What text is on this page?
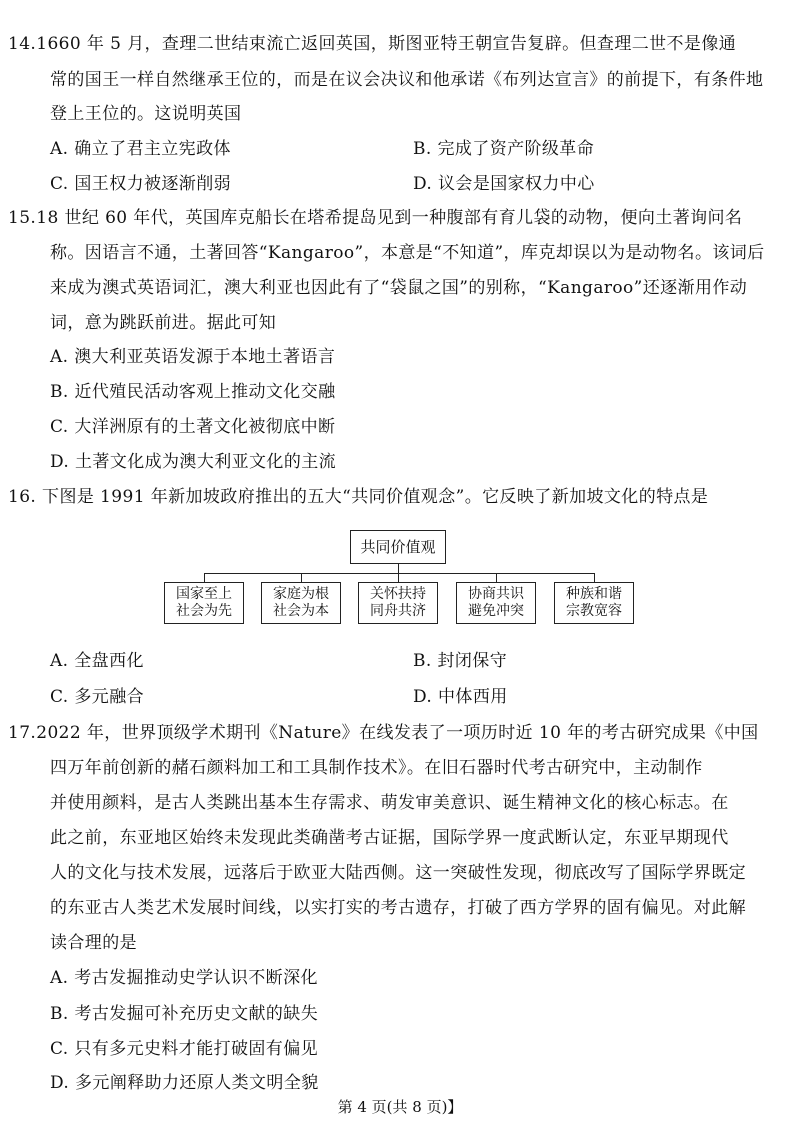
14.1660 年 5 月，查理二世结束流亡返回英国，斯图亚特王朝宣告复辟。但查理二世不是像通
常的国王一样自然继承王位的，而是在议会决议和他承诺《布列达宣言》的前提下，有条件地
登上王位的。这说明英国
A. 确立了君主立宪政体	B. 完成了资产阶级革命
C. 国王权力被逐渐削弱	D. 议会是国家权力中心
15.18 世纪 60 年代，英国库克船长在塔希提岛见到一种腹部有育儿袋的动物，便向土著询问名
称。因语言不通，土著回答“Kangaroo”，本意是“不知道”，库克却误以为是动物名。该词后
来成为澳式英语词汇，澳大利亚也因此有了“袋鼠之国”的别称，“Kangaroo”还逐渐用作动
词，意为跳跃前进。据此可知
A. 澳大利亚英语发源于本地土著语言
B. 近代殖民活动客观上推动文化交融
C. 大洋洲原有的土著文化被彻底中断
D. 土著文化成为澳大利亚文化的主流
16. 下图是 1991 年新加坡政府推出的五大“共同价值观念”。它反映了新加坡文化的特点是
共同价值观
国家至上
社会为先
家庭为根
社会为本
关怀扶持
同舟共济
协商共识
避免冲突
种族和谐
宗教宽容
A. 全盘西化	B. 封闭保守
C. 多元融合	D. 中体西用
17.2022 年，世界顶级学术期刊《Nature》在线发表了一项历时近 10 年的考古研究成果《中国
四万年前创新的赭石颜料加工和工具制作技术》。在旧石器时代考古研究中，主动制作
并使用颜料，是古人类跳出基本生存需求、萌发审美意识、诞生精神文化的核心标志。在
此之前，东亚地区始终未发现此类确凿考古证据，国际学界一度武断认定，东亚早期现代
人的文化与技术发展，远落后于欧亚大陆西侧。这一突破性发现，彻底改写了国际学界既定
的东亚古人类艺术发展时间线，以实打实的考古遗存，打破了西方学界的固有偏见。对此解
读合理的是
A. 考古发掘推动史学认识不断深化
B. 考古发掘可补充历史文献的缺失
C. 只有多元史料才能打破固有偏见
D. 多元阐释助力还原人类文明全貌
第 4 页(共 8 页)】
